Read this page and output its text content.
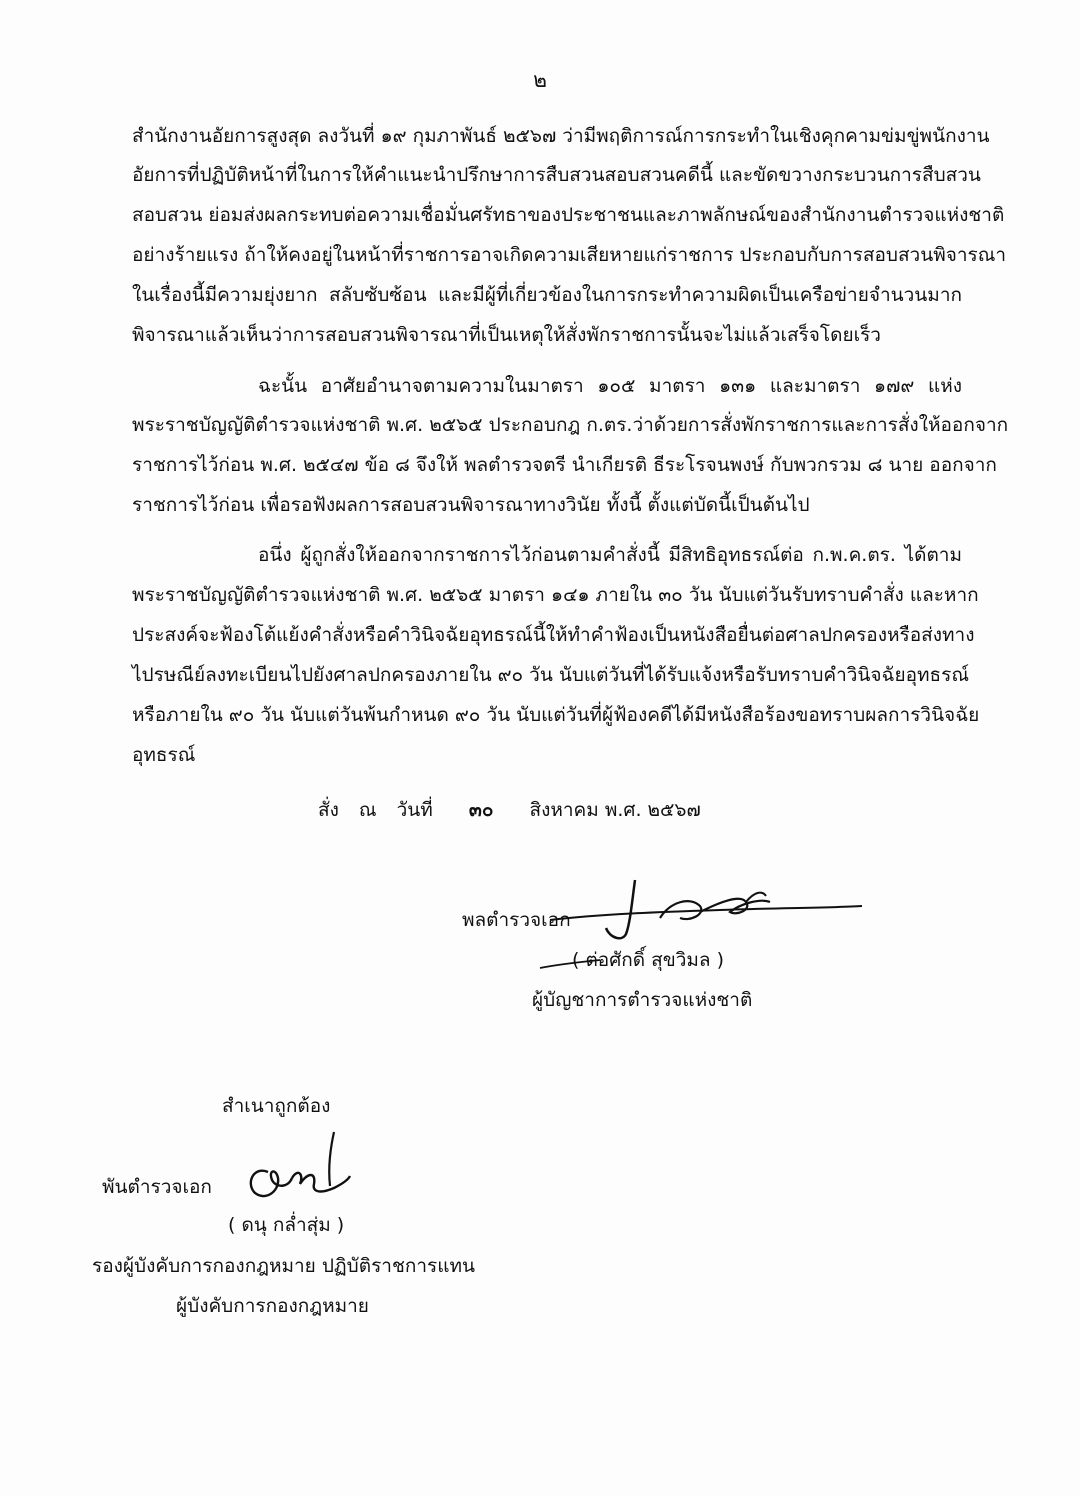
๒
สำนักงานอัยการสูงสุด ลงวันที่ ๑๙ กุมภาพันธ์ ๒๕๖๗ ว่ามีพฤติการณ์การกระทำในเชิงคุกคามข่มขู่พนักงาน
อัยการที่ปฏิบัติหน้าที่ในการให้คำแนะนำปรึกษาการสืบสวนสอบสวนคดีนี้ และขัดขวางกระบวนการสืบสวน
สอบสวน ย่อมส่งผลกระทบต่อความเชื่อมั่นศรัทธาของประชาชนและภาพลักษณ์ของสำนักงานตำรวจแห่งชาติ
อย่างร้ายแรง ถ้าให้คงอยู่ในหน้าที่ราชการอาจเกิดความเสียหายแก่ราชการ ประกอบกับการสอบสวนพิจารณา
ในเรื่องนี้มีความยุ่งยาก สลับซับซ้อน และมีผู้ที่เกี่ยวข้องในการกระทำความผิดเป็นเครือข่ายจำนวนมาก
พิจารณาแล้วเห็นว่าการสอบสวนพิจารณาที่เป็นเหตุให้สั่งพักราชการนั้นจะไม่แล้วเสร็จโดยเร็ว
ฉะนั้น อาศัยอำนาจตามความในมาตรา ๑๐๕ มาตรา ๑๓๑ และมาตรา ๑๗๙ แห่ง
พระราชบัญญัติตำรวจแห่งชาติ พ.ศ. ๒๕๖๕ ประกอบกฎ ก.ตร.ว่าด้วยการสั่งพักราชการและการสั่งให้ออกจาก
ราชการไว้ก่อน พ.ศ. ๒๕๔๗ ข้อ ๘ จึงให้ พลตำรวจตรี นำเกียรติ ธีระโรจนพงษ์ กับพวกรวม ๘ นาย ออกจาก
ราชการไว้ก่อน เพื่อรอฟังผลการสอบสวนพิจารณาทางวินัย ทั้งนี้ ตั้งแต่บัดนี้เป็นต้นไป
อนึ่ง ผู้ถูกสั่งให้ออกจากราชการไว้ก่อนตามคำสั่งนี้ มีสิทธิอุทธรณ์ต่อ ก.พ.ค.ตร. ได้ตาม
พระราชบัญญัติตำรวจแห่งชาติ พ.ศ. ๒๕๖๕ มาตรา ๑๔๑ ภายใน ๓๐ วัน นับแต่วันรับทราบคำสั่ง และหาก
ประสงค์จะฟ้องโต้แย้งคำสั่งหรือคำวินิจฉัยอุทธรณ์นี้ให้ทำคำฟ้องเป็นหนังสือยื่นต่อศาลปกครองหรือส่งทาง
ไปรษณีย์ลงทะเบียนไปยังศาลปกครองภายใน ๙๐ วัน นับแต่วันที่ได้รับแจ้งหรือรับทราบคำวินิจฉัยอุทธรณ์
หรือภายใน ๙๐ วัน นับแต่วันพ้นกำหนด ๙๐ วัน นับแต่วันที่ผู้ฟ้องคดีได้มีหนังสือร้องขอทราบผลการวินิจฉัย
อุทธรณ์
สั่ง ณ วันที่ ๓๐ สิงหาคม พ.ศ. ๒๕๖๗
พลตำรวจเอก
( ต่อศักดิ์ สุขวิมล )
ผู้บัญชาการตำรวจแห่งชาติ
สำเนาถูกต้อง
พันตำรวจเอก
( ดนุ กล่ำสุ่ม )
รองผู้บังคับการกองกฎหมาย ปฏิบัติราชการแทน
ผู้บังคับการกองกฎหมาย
